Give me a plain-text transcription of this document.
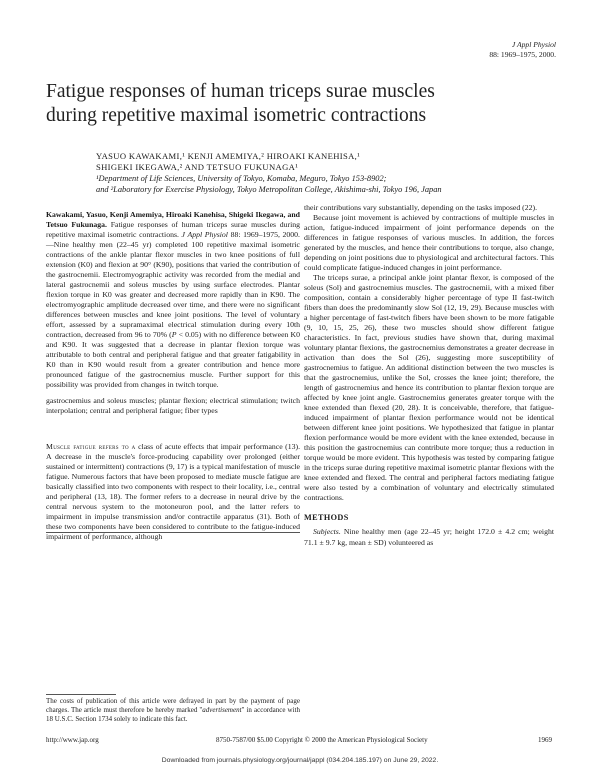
J Appl Physiol
88: 1969–1975, 2000.
Fatigue responses of human triceps surae muscles
during repetitive maximal isometric contractions
YASUO KAWAKAMI,¹ KENJI AMEMIYA,² HIROAKI KANEHISA,¹
SHIGEKI IKEGAWA,² AND TETSUO FUKUNAGA¹
¹Department of Life Sciences, University of Tokyo, Komaba, Meguro, Tokyo 153-8902;
and ²Laboratory for Exercise Physiology, Tokyo Metropolitan College, Akishima-shi, Tokyo 196, Japan

Kawakami, Yasuo, Kenji Amemiya, Hiroaki Kanehisa, Shigeki Ikegawa, and Tetsuo Fukunaga. Fatigue responses of human triceps surae muscles during repetitive maximal isometric contractions. J Appl Physiol 88: 1969–1975, 2000.—Nine healthy men (22–45 yr) completed 100 repetitive maximal isometric contractions of the ankle plantar flexor muscles in two knee positions of full extension (K0) and flexion at 90° (K90), positions that varied the contribution of the gastrocnemii. Electromyographic activity was recorded from the medial and lateral gastrocnemii and soleus muscles by using surface electrodes. Plantar flexion torque in K0 was greater and decreased more rapidly than in K90. The electromyographic amplitude decreased over time, and there were no significant differences between muscles and knee joint positions. The level of voluntary effort, assessed by a supramaximal electrical stimulation during every 10th contraction, decreased from 96 to 70% (P < 0.05) with no difference between K0 and K90. It was suggested that a decrease in plantar flexion torque was attributable to both central and peripheral fatigue and that greater fatigability in K0 than in K90 would result from a greater contribution and hence more pronounced fatigue of the gastrocnemius muscle. Further support for this possibility was provided from changes in twitch torque.

gastrocnemius and soleus muscles; plantar flexion; electrical stimulation; twitch interpolation; central and peripheral fatigue; fiber types

Muscle fatigue refers to a class of acute effects that impair performance (13). A decrease in the muscle's force-producing capability over prolonged (either sustained or intermittent) contractions (9, 17) is a typical manifestation of muscle fatigue. Numerous factors that have been proposed to mediate muscle fatigue are basically classified into two components with respect to their locality, i.e., central and peripheral (13, 18). The former refers to a decrease in neural drive by the central nervous system to the motoneuron pool, and the latter refers to impairment in impulse transmission and/or contractile apparatus (31). Both of these two components have been considered to contribute to the fatigue-induced impairment of performance, although

their contributions vary substantially, depending on the tasks imposed (22).

Because joint movement is achieved by contractions of multiple muscles in action, fatigue-induced impairment of joint performance depends on the differences in fatigue responses of various muscles. In addition, the forces generated by the muscles, and hence their contributions to torque, also change, depending on joint positions due to physiological and architectural factors. This could complicate fatigue-induced changes in joint performance.

The triceps surae, a principal ankle joint plantar flexor, is composed of the soleus (Sol) and gastrocnemius muscles. The gastrocnemii, with a mixed fiber composition, contain a considerably higher percentage of type II fast-twitch fibers than does the predominantly slow Sol (12, 19, 29). Because muscles with a higher percentage of fast-twitch fibers have been shown to be more fatigable (9, 10, 15, 25, 26), these two muscles should show different fatigue characteristics. In fact, previous studies have shown that, during maximal voluntary plantar flexions, the gastrocnemius demonstrates a greater decrease in activation than does the Sol (26), suggesting more susceptibility of gastrocnemius to fatigue. An additional distinction between the two muscles is that the gastrocnemius, unlike the Sol, crosses the knee joint; therefore, the length of gastrocnemius and hence its contribution to plantar flexion torque are affected by knee joint angle. Gastrocnemius generates greater torque with the knee extended than flexed (20, 28). It is conceivable, therefore, that fatigue-induced impairment of plantar flexion performance would not be identical between different knee joint positions. We hypothesized that fatigue in plantar flexion performance would be more evident with the knee extended, because in this position the gastrocnemius can contribute more torque; thus a reduction in torque would be more evident. This hypothesis was tested by comparing fatigue in the triceps surae during repetitive maximal isometric plantar flexions with the knee extended and flexed. The central and peripheral factors mediating fatigue were also tested by a combination of voluntary and electrically stimulated contractions.

METHODS

Subjects. Nine healthy men (age 22–45 yr; height 172.0 ± 4.2 cm; weight 71.1 ± 9.7 kg, mean ± SD) volunteered as

The costs of publication of this article were defrayed in part by the payment of page charges. The article must therefore be hereby marked "advertisement" in accordance with 18 U.S.C. Section 1734 solely to indicate this fact.
http://www.jap.org	8750-7587/00 $5.00 Copyright © 2000 the American Physiological Society	1969
Downloaded from journals.physiology.org/journal/jappl (034.204.185.197) on June 29, 2022.
